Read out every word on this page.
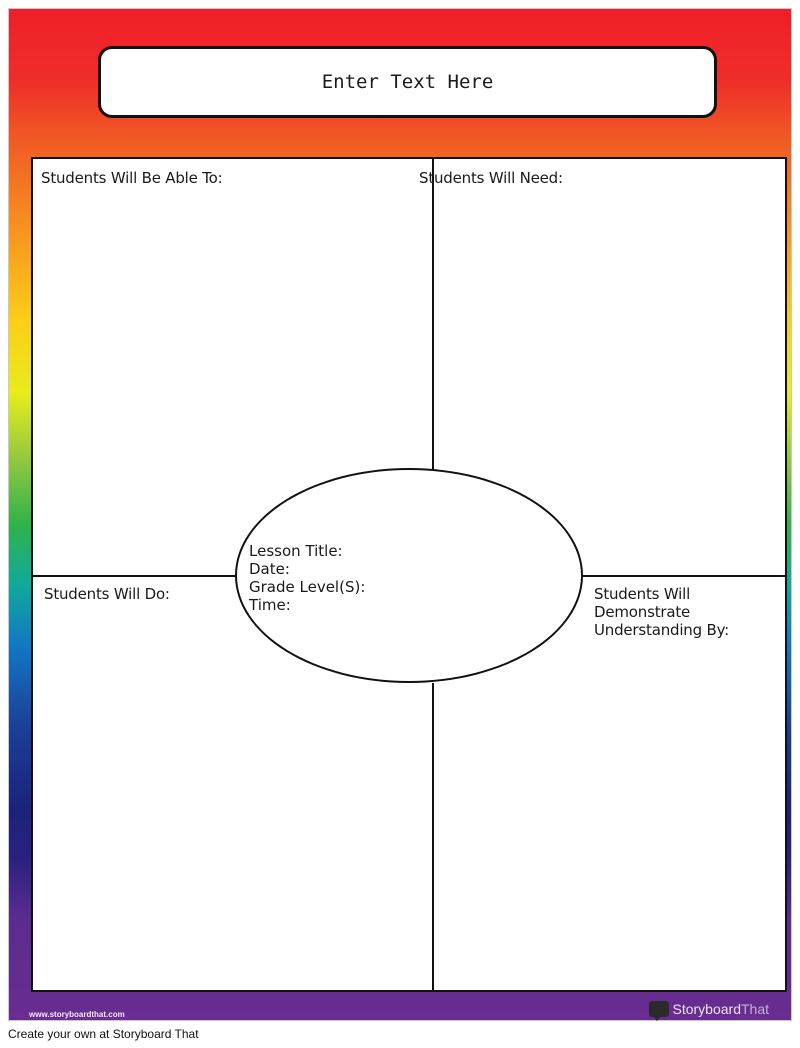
Enter Text Here
Students Will Be Able To:	Students Will Need:
Students Will Do:	Students Will
Demonstrate
Understanding By:
Lesson Title:
Date:
Grade Level(S):
Time:
www.storyboardthat.com	Storyboard That
Create your own at Storyboard That
